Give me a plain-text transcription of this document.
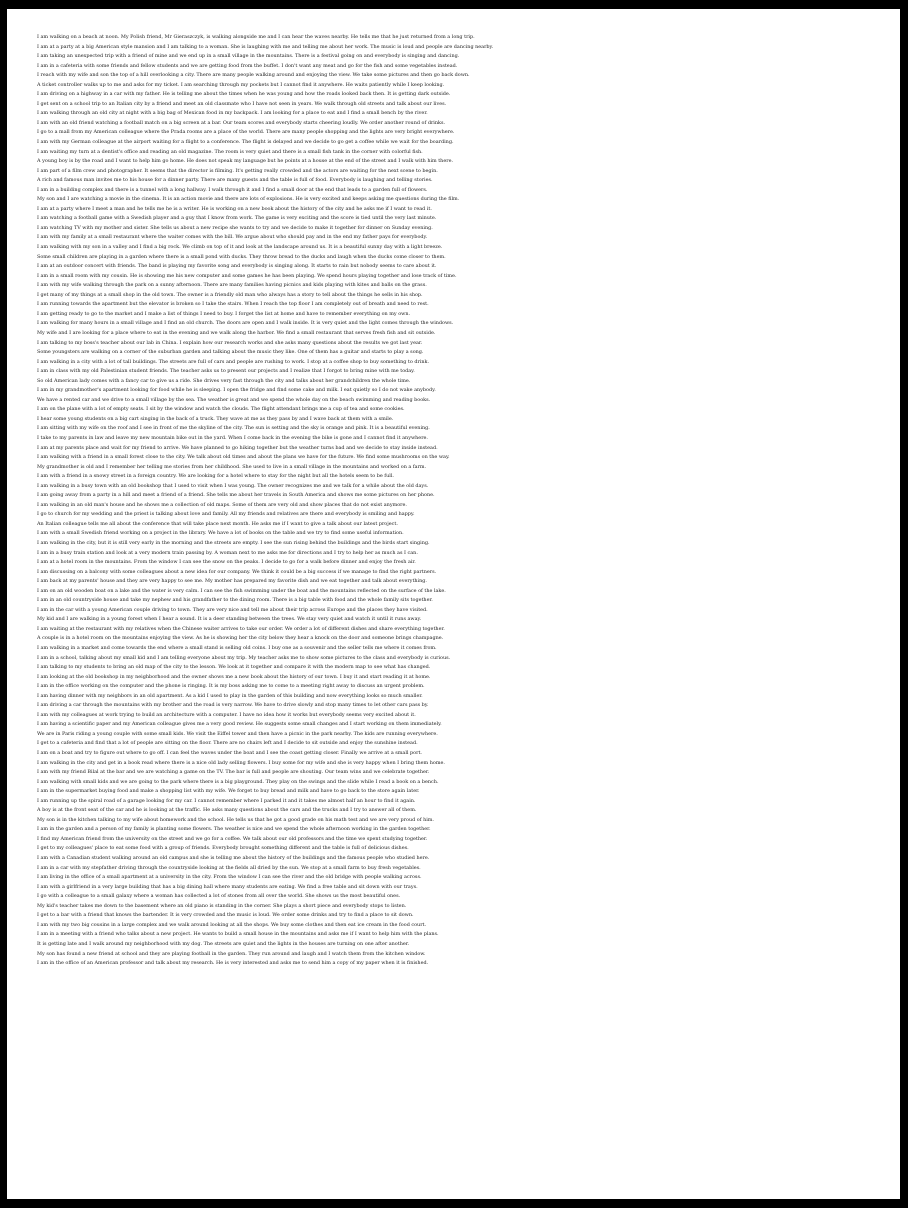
I am walking on a beach at noon. My Polish friend, Mr Gieraszczyk, is walking alongside me and I can hear the waves nearby. He tells me that he just returned from a long trip.
I am at a party at a big American style mansion and I am talking to a woman. She is laughing with me and telling me about her work. The music is loud and people are dancing nearby.
I am taking an unexpected trip with a friend of mine and we end up in a small village in the mountains. There is a festival going on and everybody is singing and dancing.
I am in a cafeteria with some friends and fellow students and we are getting food from the buffet. I don't want any meat and go for the fish and some vegetables instead.
I reach with my wife and son the top of a hill overlooking a city. There are many people walking around and enjoying the view. We take some pictures and then go back down.
A ticket controller walks up to me and asks for my ticket. I am searching through my pockets but I cannot find it anywhere. He waits patiently while I keep looking.
I am driving on a highway in a car with my father. He is telling me about the times when he was young and how the roads looked back then. It is getting dark outside.
I get sent on a school trip to an Italian city by a friend and meet an old classmate who I have not seen in years. We walk through old streets and talk about our lives.
I am walking through an old city at night with a big bag of Mexican food in my backpack. I am looking for a place to eat and I find a small bench by the river.
I am with an old friend watching a football match on a big screen at a bar. Our team scores and everybody starts cheering loudly. We order another round of drinks.
I go to a mall from my American colleague where the Prada rooms are a place of the world. There are many people shopping and the lights are very bright everywhere.
I am with my German colleague at the airport waiting for a flight to a conference. The flight is delayed and we decide to go get a coffee while we wait for the boarding.
I am waiting my turn at a dentist's office and reading an old magazine. The room is very quiet and there is a small fish tank in the corner with colorful fish.
A young boy is by the road and I want to help him go home. He does not speak my language but he points at a house at the end of the street and I walk with him there.
I am part of a film crew and photographer. It seems that the director is filming. It's getting really crowded and the actors are waiting for the next scene to begin.
A rich and famous man invites me to his house for a dinner party. There are many guests and the table is full of food. Everybody is laughing and telling stories.
I am in a building complex and there is a tunnel with a long hallway. I walk through it and I find a small door at the end that leads to a garden full of flowers.
My son and I are watching a movie in the cinema. It is an action movie and there are lots of explosions. He is very excited and keeps asking me questions during the film.
I am at a party where I meet a man and he tells me he is a writer. He is working on a new book about the history of the city and he asks me if I want to read it.
I am watching a football game with a Swedish player and a guy that I know from work. The game is very exciting and the score is tied until the very last minute.
I am watching TV with my mother and sister. She tells us about a new recipe she wants to try and we decide to make it together for dinner on Sunday evening.
I am with my family at a small restaurant where the waiter comes with the bill. We argue about who should pay and in the end my father pays for everybody.
I am walking with my son in a valley and I find a big rock. We climb on top of it and look at the landscape around us. It is a beautiful sunny day with a light breeze.
Some small children are playing in a garden where there is a small pond with ducks. They throw bread to the ducks and laugh when the ducks come closer to them.
I am at an outdoor concert with friends. The band is playing my favorite song and everybody is singing along. It starts to rain but nobody seems to care about it.
I am in a small room with my cousin. He is showing me his new computer and some games he has been playing. We spend hours playing together and lose track of time.
I am with my wife walking through the park on a sunny afternoon. There are many families having picnics and kids playing with kites and balls on the grass.
I get many of my things at a small shop in the old town. The owner is a friendly old man who always has a story to tell about the things he sells in his shop.
I am running towards the apartment but the elevator is broken so I take the stairs. When I reach the top floor I am completely out of breath and need to rest.
I am getting ready to go to the market and I make a list of things I need to buy. I forget the list at home and have to remember everything on my own.
I am walking for many hours in a small village and I find an old church. The doors are open and I walk inside. It is very quiet and the light comes through the windows.
My wife and I are looking for a place where to eat in the evening and we walk along the harbor. We find a small restaurant that serves fresh fish and sit outside.
I am talking to my boss's teacher about our lab in China. I explain how our research works and she asks many questions about the results we got last year.
Some youngsters are walking on a corner of the suburban garden and talking about the music they like. One of them has a guitar and starts to play a song.
I am walking in a city with a lot of tall buildings. The streets are full of cars and people are rushing to work. I stop at a coffee shop to buy something to drink.
I am in class with my old Palestinian student friends. The teacher asks us to present our projects and I realize that I forgot to bring mine with me today.
So old American lady comes with a fancy car to give us a ride. She drives very fast through the city and talks about her grandchildren the whole time.
I am in my grandmother's apartment looking for food while he is sleeping. I open the fridge and find some cake and milk. I eat quietly so I do not wake anybody.
We have a rented car and we drive to a small village by the sea. The weather is great and we spend the whole day on the beach swimming and reading books.
I am on the plane with a lot of empty seats. I sit by the window and watch the clouds. The flight attendant brings me a cup of tea and some cookies.
I hear some young students on a big cart singing in the back of a truck. They wave at me as they pass by and I wave back at them with a smile.
I am sitting with my wife on the roof and I see in front of me the skyline of the city. The sun is setting and the sky is orange and pink. It is a beautiful evening.
I take to my parents in law and leave my new mountain bike out in the yard. When I come back in the evening the bike is gone and I cannot find it anywhere.
I am at my parents place and wait for my friend to arrive. We have planned to go hiking together but the weather turns bad and we decide to stay inside instead.
I am walking with a friend in a small forest close to the city. We talk about old times and about the plans we have for the future. We find some mushrooms on the way.
My grandmother is old and I remember her telling me stories from her childhood. She used to live in a small village in the mountains and worked on a farm.
I am with a friend in a snowy street in a foreign country. We are looking for a hotel where to stay for the night but all the hotels seem to be full.
I am walking in a busy town with an old bookshop that I used to visit when I was young. The owner recognizes me and we talk for a while about the old days.
I am going away from a party in a hill and meet a friend of a friend. She tells me about her travels in South America and shows me some pictures on her phone.
I am walking in an old man's house and he shows me a collection of old maps. Some of them are very old and show places that do not exist anymore.
I go to church for my wedding and the priest is talking about love and family. All my friends and relatives are there and everybody is smiling and happy.
An Italian colleague tells me all about the conference that will take place next month. He asks me if I want to give a talk about our latest project.
I am with a small Swedish friend working on a project in the library. We have a lot of books on the table and we try to find some useful information.
I am walking in the city, but it is still very early in the morning and the streets are empty. I see the sun rising behind the buildings and the birds start singing.
I am in a busy train station and look at a very modern train passing by. A woman next to me asks me for directions and I try to help her as much as I can.
I am at a hotel room in the mountains. From the window I can see the snow on the peaks. I decide to go for a walk before dinner and enjoy the fresh air.
I am discussing on a balcony with some colleagues about a new idea for our company. We think it could be a big success if we manage to find the right partners.
I am back at my parents' house and they are very happy to see me. My mother has prepared my favorite dish and we eat together and talk about everything.
I am on an old wooden boat on a lake and the water is very calm. I can see the fish swimming under the boat and the mountains reflected on the surface of the lake.
I am in an old countryside house and take my nephew and his grandfather to the dining room. There is a big table with food and the whole family sits together.
I am in the car with a young American couple driving to town. They are very nice and tell me about their trip across Europe and the places they have visited.
My kid and I are walking in a young forest when I hear a sound. It is a deer standing between the trees. We stay very quiet and watch it until it runs away.
I am waiting at the restaurant with my relatives when the Chinese waiter arrives to take our order. We order a lot of different dishes and share everything together.
A couple is in a hotel room on the mountains enjoying the view. As he is showing her the city below they hear a knock on the door and someone brings champagne.
I am walking in a market and come towards the end where a small stand is selling old coins. I buy one as a souvenir and the seller tells me where it comes from.
I am in a school, talking about my small kid and I am telling everyone about my trip. My teacher asks me to show some pictures to the class and everybody is curious.
I am talking to my students to bring an old map of the city to the lesson. We look at it together and compare it with the modern map to see what has changed.
I am looking at the old bookshop in my neighborhood and the owner shows me a new book about the history of our town. I buy it and start reading it at home.
I am in the office working on the computer and the phone is ringing. It is my boss asking me to come to a meeting right away to discuss an urgent problem.
I am having dinner with my neighbors in an old apartment. As a kid I used to play in the garden of this building and now everything looks so much smaller.
I am driving a car through the mountains with my brother and the road is very narrow. We have to drive slowly and stop many times to let other cars pass by.
I am with my colleagues at work trying to build an architecture with a computer. I have no idea how it works but everybody seems very excited about it.
I am having a scientific paper and my American colleague gives me a very good review. He suggests some small changes and I start working on them immediately.
We are in Paris riding a young couple with some small kids. We visit the Eiffel tower and then have a picnic in the park nearby. The kids are running everywhere.
I get to a cafeteria and find that a lot of people are sitting on the floor. There are no chairs left and I decide to sit outside and enjoy the sunshine instead.
I am on a boat and try to figure out where to go off. I can feel the waves under the boat and I see the coast getting closer. Finally we arrive at a small port.
I am walking in the city and get in a book read where there is a nice old lady selling flowers. I buy some for my wife and she is very happy when I bring them home.
I am with my friend Bilal at the bar and we are watching a game on the TV. The bar is full and people are shouting. Our team wins and we celebrate together.
I am walking with small kids and we are going to the park where there is a big playground. They play on the swings and the slide while I read a book on a bench.
I am in the supermarket buying food and make a shopping list with my wife. We forget to buy bread and milk and have to go back to the store again later.
I am running up the spiral road of a garage looking for my car. I cannot remember where I parked it and it takes me almost half an hour to find it again.
A boy is at the front seat of the car and he is looking at the traffic. He asks many questions about the cars and the trucks and I try to answer all of them.
My son is in the kitchen talking to my wife about homework and the school. He tells us that he got a good grade on his math test and we are very proud of him.
I am in the garden and a person of my family is planting some flowers. The weather is nice and we spend the whole afternoon working in the garden together.
I find my American friend from the university on the street and we go for a coffee. We talk about our old professors and the time we spent studying together.
I get to my colleagues' place to eat some food with a group of friends. Everybody brought something different and the table is full of delicious dishes.
I am with a Canadian student walking around an old campus and she is telling me about the history of the buildings and the famous people who studied here.
I am in a car with my stepfather driving through the countryside looking at the fields all dried by the sun. We stop at a small farm to buy fresh vegetables.
I am living in the office of a small apartment at a university in the city. From the window I can see the river and the old bridge with people walking across.
I am with a girlfriend in a very large building that has a big dining hall where many students are eating. We find a free table and sit down with our trays.
I go with a colleague to a small galaxy where a woman has collected a lot of stones from all over the world. She shows us the most beautiful ones.
My kid's teacher takes me down to the basement where an old piano is standing in the corner. She plays a short piece and everybody stops to listen.
I get to a bar with a friend that knows the bartender. It is very crowded and the music is loud. We order some drinks and try to find a place to sit down.
I am with my two big cousins in a large complex and we walk around looking at all the shops. We buy some clothes and then eat ice cream in the food court.
I am in a meeting with a friend who talks about a new project. He wants to build a small house in the mountains and asks me if I want to help him with the plans.
It is getting late and I walk around my neighborhood with my dog. The streets are quiet and the lights in the houses are turning on one after another.
My son has found a new friend at school and they are playing football in the garden. They run around and laugh and I watch them from the kitchen window.
I am in the office of an American professor and talk about my research. He is very interested and asks me to send him a copy of my paper when it is finished.
